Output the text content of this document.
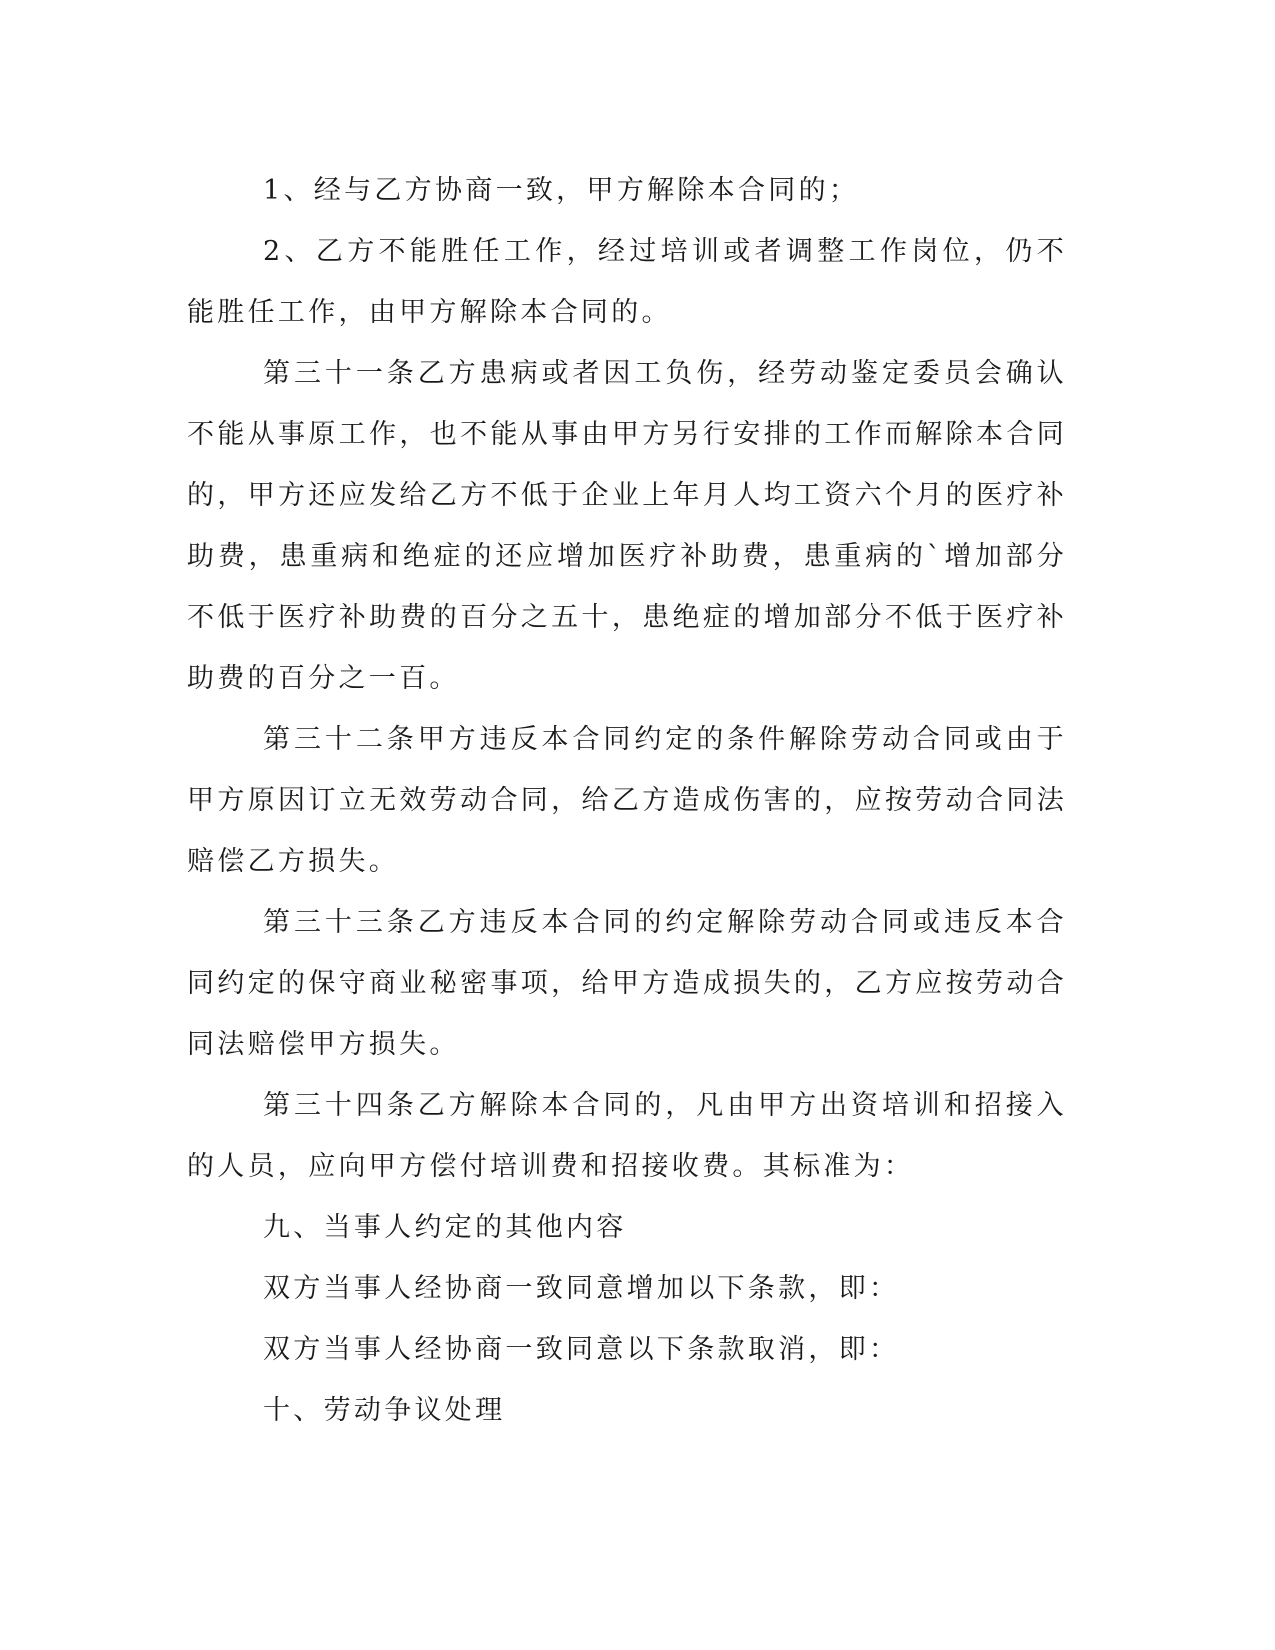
1、经与乙方协商一致，甲方解除本合同的；

2、乙方不能胜任工作，经过培训或者调整工作岗位，仍不能胜任工作，由甲方解除本合同的。

第三十一条乙方患病或者因工负伤，经劳动鉴定委员会确认不能从事原工作，也不能从事由甲方另行安排的工作而解除本合同的，甲方还应发给乙方不低于企业上年月人均工资六个月的医疗补助费，患重病和绝症的还应增加医疗补助费，患重病的`增加部分不低于医疗补助费的百分之五十，患绝症的增加部分不低于医疗补助费的百分之一百。

第三十二条甲方违反本合同约定的条件解除劳动合同或由于甲方原因订立无效劳动合同，给乙方造成伤害的，应按劳动合同法赔偿乙方损失。

第三十三条乙方违反本合同的约定解除劳动合同或违反本合同约定的保守商业秘密事项，给甲方造成损失的，乙方应按劳动合同法赔偿甲方损失。

第三十四条乙方解除本合同的，凡由甲方出资培训和招接入的人员，应向甲方偿付培训费和招接收费。其标准为：

九、当事人约定的其他内容

双方当事人经协商一致同意增加以下条款，即：

双方当事人经协商一致同意以下条款取消，即：

十、劳动争议处理
